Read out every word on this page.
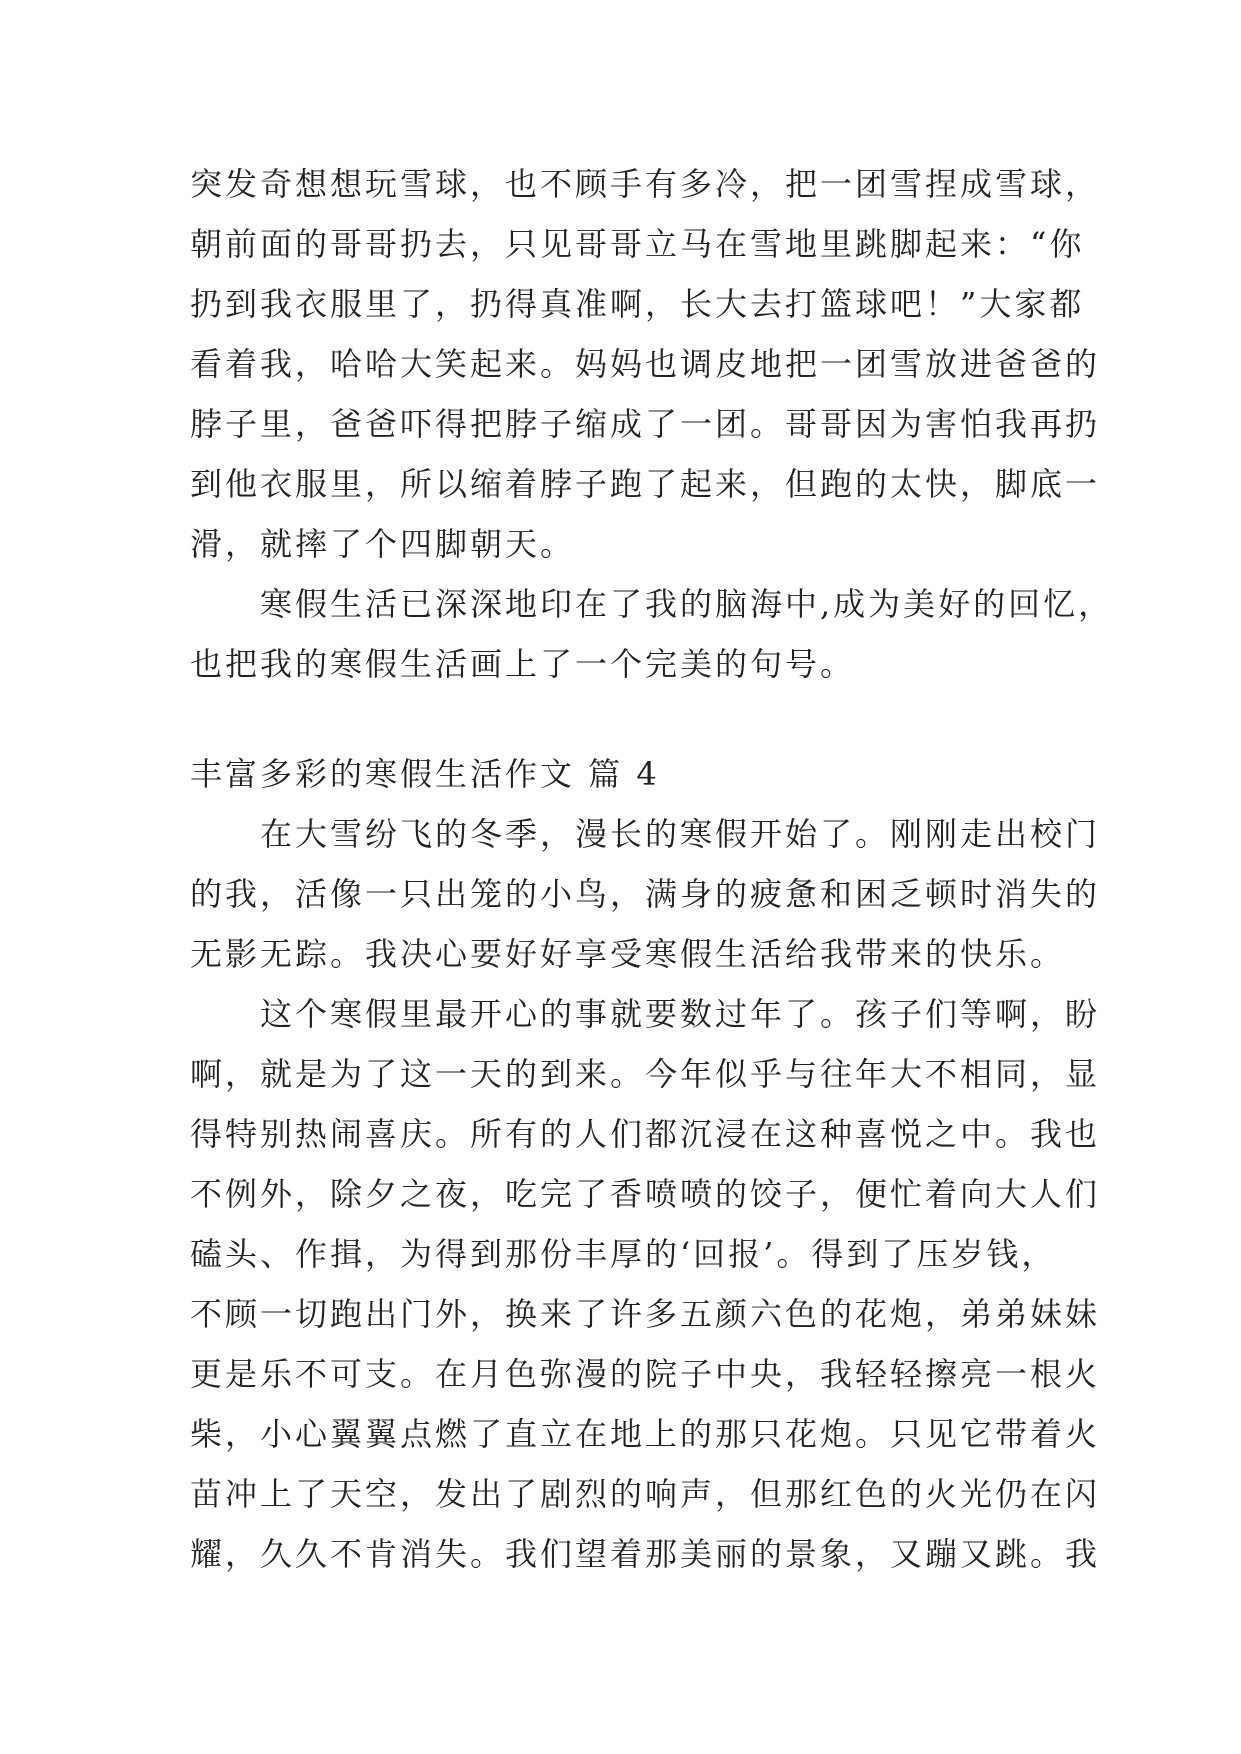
突发奇想想玩雪球，也不顾手有多冷，把一团雪捏成雪球，
朝前面的哥哥扔去，只见哥哥立马在雪地里跳脚起来：“你
扔到我衣服里了，扔得真准啊，长大去打篮球吧！”大家都
看着我，哈哈大笑起来。妈妈也调皮地把一团雪放进爸爸的
脖子里，爸爸吓得把脖子缩成了一团。哥哥因为害怕我再扔
到他衣服里，所以缩着脖子跑了起来，但跑的太快，脚底一
滑，就摔了个四脚朝天。
　　寒假生活已深深地印在了我的脑海中,成为美好的回忆，
也把我的寒假生活画上了一个完美的句号。
丰富多彩的寒假生活作文 篇 4
　　在大雪纷飞的冬季，漫长的寒假开始了。刚刚走出校门
的我，活像一只出笼的小鸟，满身的疲惫和困乏顿时消失的
无影无踪。我决心要好好享受寒假生活给我带来的快乐。
　　这个寒假里最开心的事就要数过年了。孩子们等啊，盼
啊，就是为了这一天的到来。今年似乎与往年大不相同，显
得特别热闹喜庆。所有的人们都沉浸在这种喜悦之中。我也
不例外，除夕之夜，吃完了香喷喷的饺子，便忙着向大人们
磕头、作揖，为得到那份丰厚的‘回报’。得到了压岁钱，
不顾一切跑出门外，换来了许多五颜六色的花炮，弟弟妹妹
更是乐不可支。在月色弥漫的院子中央，我轻轻擦亮一根火
柴，小心翼翼点燃了直立在地上的那只花炮。只见它带着火
苗冲上了天空，发出了剧烈的响声，但那红色的火光仍在闪
耀，久久不肯消失。我们望着那美丽的景象，又蹦又跳。我
